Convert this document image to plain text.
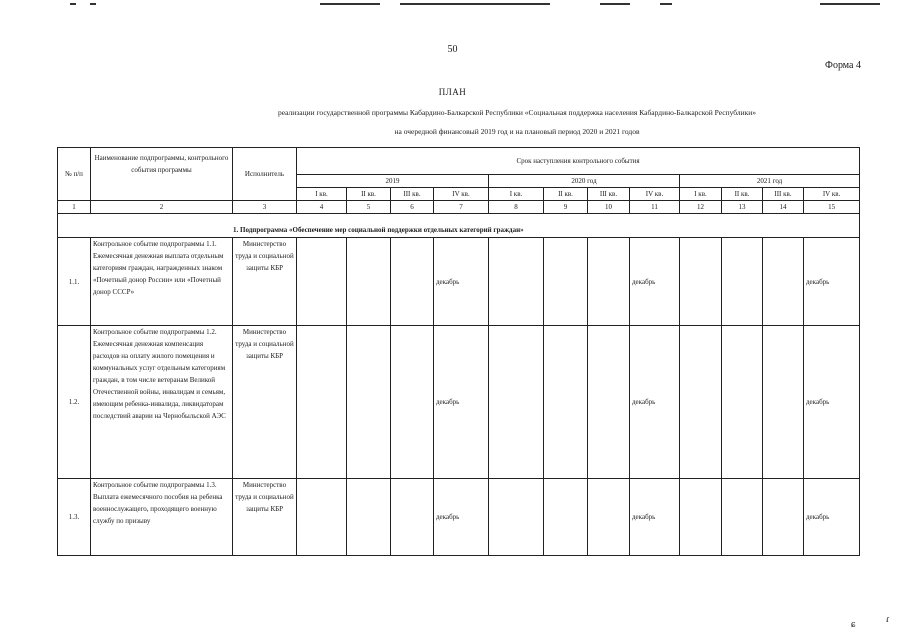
ɕ	ɾ
50
Форма 4
ПЛАН
реализации государственной программы Кабардино-Балкарской Республики «Социальная поддержка населения Кабардино-Балкарской Республики»
на очередной финансовый 2019 год и на плановый период 2020 и 2021 годов
№ п/п	Наименование подпрограммы, контрольного события программы	Исполнитель	Срок наступления контрольного события											
			2019				2020 год				2021 год			
			I кв.	II кв.	III кв.	IV кв.	I кв.	II кв.	III кв.	IV кв.	I кв.	II кв.	III кв.	IV кв.
1	2	3	4	5	6	7	8	9	10	11	12	13	14	15
1. Подпрограмма «Обеспечение мер социальной поддержки отдельных категорий граждан»														
1.1.	Контрольное событие подпрограммы 1.1. Ежемесячная денежная выплата отдельным категориям граждан, награжденных знаком «Почетный донор России» или «Почетный донор СССР»	Министерство труда и социальной защиты КБР				декабрь				декабрь				декабрь
1.2.	Контрольное событие подпрограммы 1.2. Ежемесячная денежная компенсация расходов на оплату жилого помещения и коммунальных услуг отдельным категориям граждан, в том числе ветеранам Великой Отечественной войны, инвалидам и семьям, имеющим ребенка-инвалида, ликвидаторам последствий аварии на Чернобыльской АЭС	Министерство труда и социальной защиты КБР				декабрь				декабрь				декабрь
1.3.	Контрольное событие подпрограммы 1.3. Выплата ежемесячного пособия на ребенка военнослужащего, проходящего военную службу по призыву	Министерство труда и социальной защиты КБР				декабрь				декабрь				декабрь
